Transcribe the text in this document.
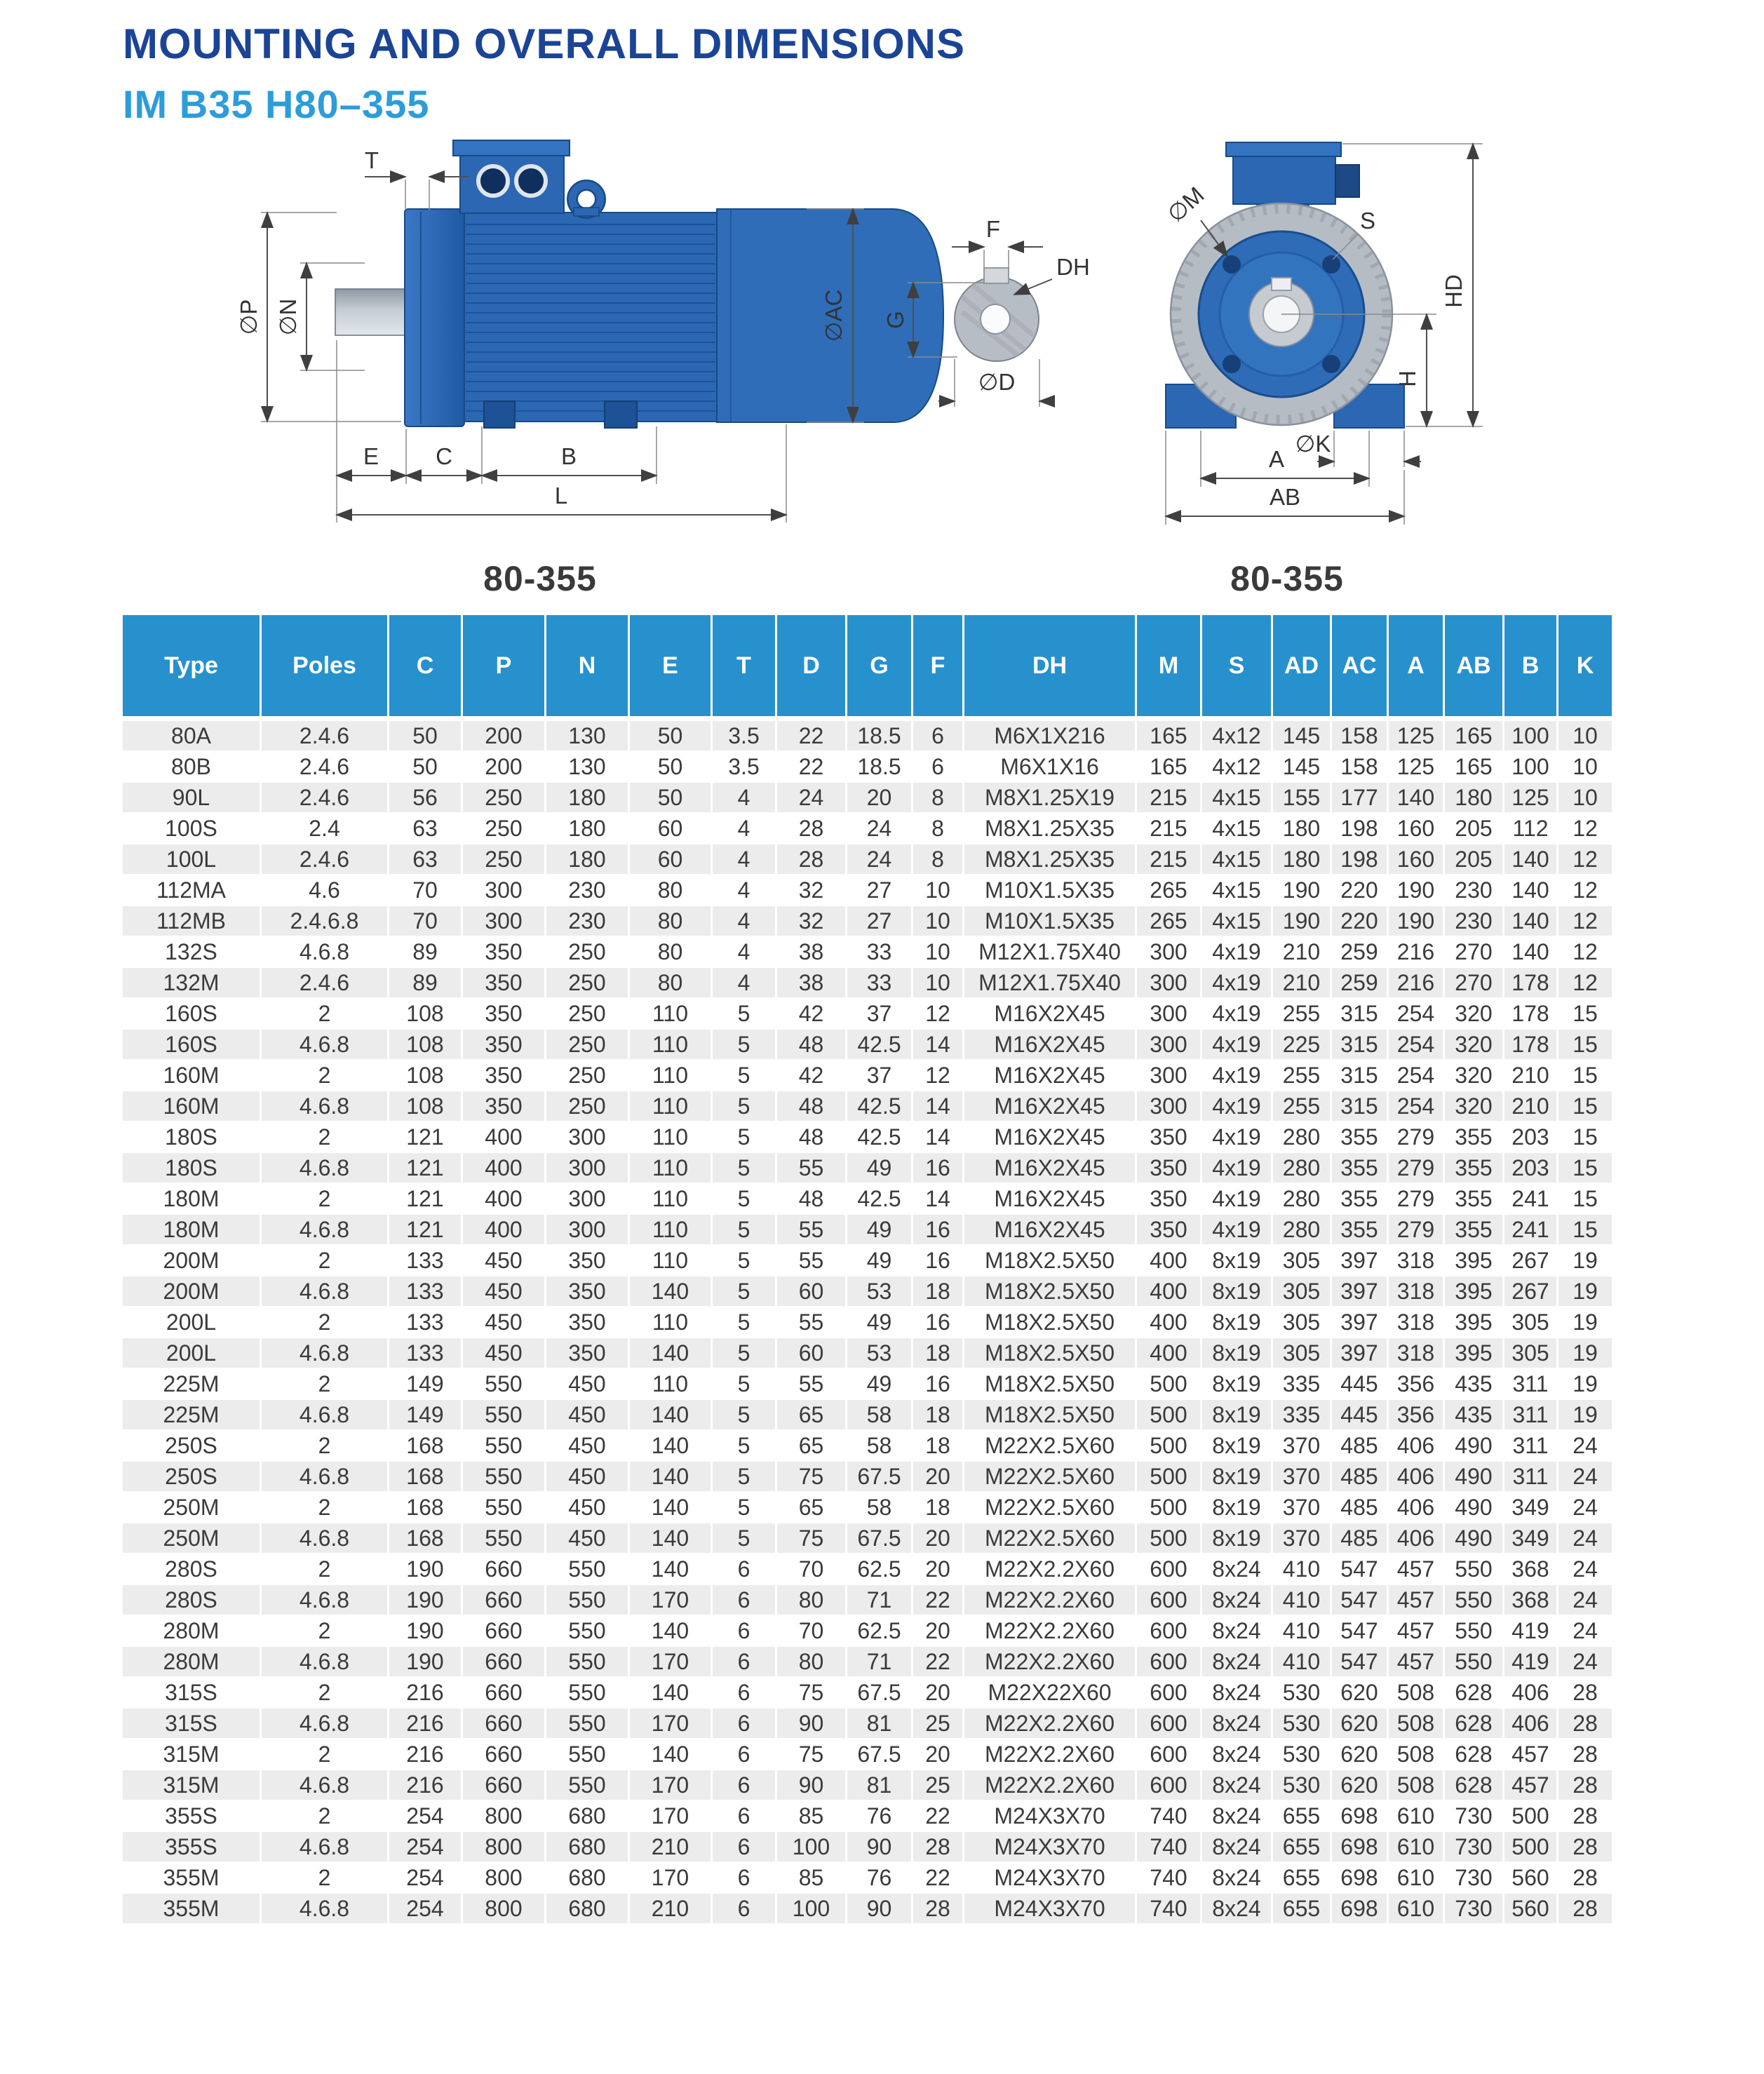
MOUNTING AND OVERALL DIMENSIONS
IM B35 H80–355
T
∅P ∅N	∅AC
E C	B
L
80-355
F
DH
G
∅D
∅M	S
HD
H
∅K
A
AB
80-355
Type	Poles	C	P	N	E	T	D	G	F	DH	M	S	AD	AC	A	AB	B	K
80A	2.4.6	50	200	130	50	3.5	22	18.5	6	M6X1X216	165	4x12	145	158	125	165	100	10
80B	2.4.6	50	200	130	50	3.5	22	18.5	6	M6X1X16	165	4x12	145	158	125	165	100	10
90L	2.4.6	56	250	180	50	4	24	20	8	M8X1.25X19	215	4x15	155	177	140	180	125	10
100S	2.4	63	250	180	60	4	28	24	8	M8X1.25X35	215	4x15	180	198	160	205	112	12
100L	2.4.6	63	250	180	60	4	28	24	8	M8X1.25X35	215	4x15	180	198	160	205	140	12
112MA	4.6	70	300	230	80	4	32	27	10	M10X1.5X35	265	4x15	190	220	190	230	140	12
112MB	2.4.6.8	70	300	230	80	4	32	27	10	M10X1.5X35	265	4x15	190	220	190	230	140	12
132S	4.6.8	89	350	250	80	4	38	33	10	M12X1.75X40	300	4x19	210	259	216	270	140	12
132M	2.4.6	89	350	250	80	4	38	33	10	M12X1.75X40	300	4x19	210	259	216	270	178	12
160S	2	108	350	250	110	5	42	37	12	M16X2X45	300	4x19	255	315	254	320	178	15
160S	4.6.8	108	350	250	110	5	48	42.5	14	M16X2X45	300	4x19	225	315	254	320	178	15
160M	2	108	350	250	110	5	42	37	12	M16X2X45	300	4x19	255	315	254	320	210	15
160M	4.6.8	108	350	250	110	5	48	42.5	14	M16X2X45	300	4x19	255	315	254	320	210	15
180S	2	121	400	300	110	5	48	42.5	14	M16X2X45	350	4x19	280	355	279	355	203	15
180S	4.6.8	121	400	300	110	5	55	49	16	M16X2X45	350	4x19	280	355	279	355	203	15
180M	2	121	400	300	110	5	48	42.5	14	M16X2X45	350	4x19	280	355	279	355	241	15
180M	4.6.8	121	400	300	110	5	55	49	16	M16X2X45	350	4x19	280	355	279	355	241	15
200M	2	133	450	350	110	5	55	49	16	M18X2.5X50	400	8x19	305	397	318	395	267	19
200M	4.6.8	133	450	350	140	5	60	53	18	M18X2.5X50	400	8x19	305	397	318	395	267	19
200L	2	133	450	350	110	5	55	49	16	M18X2.5X50	400	8x19	305	397	318	395	305	19
200L	4.6.8	133	450	350	140	5	60	53	18	M18X2.5X50	400	8x19	305	397	318	395	305	19
225M	2	149	550	450	110	5	55	49	16	M18X2.5X50	500	8x19	335	445	356	435	311	19
225M	4.6.8	149	550	450	140	5	65	58	18	M18X2.5X50	500	8x19	335	445	356	435	311	19
250S	2	168	550	450	140	5	65	58	18	M22X2.5X60	500	8x19	370	485	406	490	311	24
250S	4.6.8	168	550	450	140	5	75	67.5	20	M22X2.5X60	500	8x19	370	485	406	490	311	24
250M	2	168	550	450	140	5	65	58	18	M22X2.5X60	500	8x19	370	485	406	490	349	24
250M	4.6.8	168	550	450	140	5	75	67.5	20	M22X2.5X60	500	8x19	370	485	406	490	349	24
280S	2	190	660	550	140	6	70	62.5	20	M22X2.2X60	600	8x24	410	547	457	550	368	24
280S	4.6.8	190	660	550	170	6	80	71	22	M22X2.2X60	600	8x24	410	547	457	550	368	24
280M	2	190	660	550	140	6	70	62.5	20	M22X2.2X60	600	8x24	410	547	457	550	419	24
280M	4.6.8	190	660	550	170	6	80	71	22	M22X2.2X60	600	8x24	410	547	457	550	419	24
315S	2	216	660	550	140	6	75	67.5	20	M22X22X60	600	8x24	530	620	508	628	406	28
315S	4.6.8	216	660	550	170	6	90	81	25	M22X2.2X60	600	8x24	530	620	508	628	406	28
315M	2	216	660	550	140	6	75	67.5	20	M22X2.2X60	600	8x24	530	620	508	628	457	28
315M	4.6.8	216	660	550	170	6	90	81	25	M22X2.2X60	600	8x24	530	620	508	628	457	28
355S	2	254	800	680	170	6	85	76	22	M24X3X70	740	8x24	655	698	610	730	500	28
355S	4.6.8	254	800	680	210	6	100	90	28	M24X3X70	740	8x24	655	698	610	730	500	28
355M	2	254	800	680	170	6	85	76	22	M24X3X70	740	8x24	655	698	610	730	560	28
355M	4.6.8	254	800	680	210	6	100	90	28	M24X3X70	740	8x24	655	698	610	730	560	28
